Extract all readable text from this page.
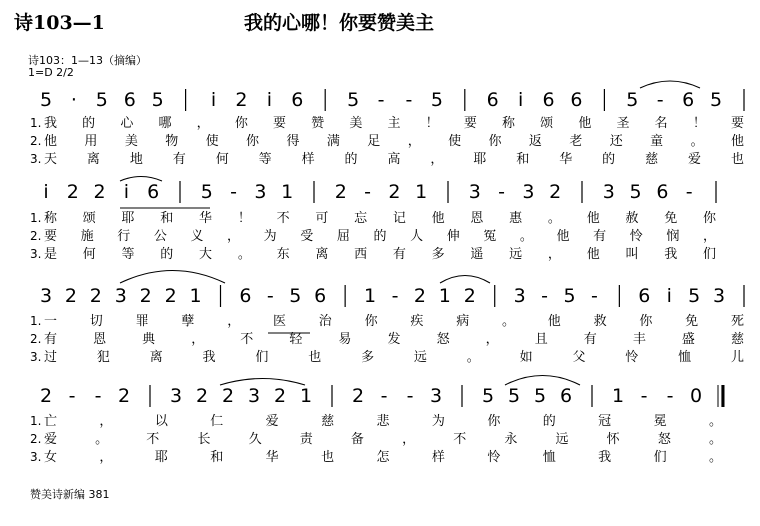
诗103—1	我的心哪！你要赞美主
诗103：1—13（摘编）
1=D 2/2
赞美诗新编 381
5 · 5 6 5 i 2 i 6 5 - - 5 6 i 6 6 5 - 6 5
1. 我的心哪，你要赞美主！要称颂他圣名！要
2. 他用美物使你得满足，使你返老还童。他
3. 天离地有何等样的高，耶和华的慈爱也
i 2 2 i 6 5 - 3 1 2 - 2 1 3 - 3 2 3 5 6 -
1. 称颂耶和华！不可忘记他恩惠。他赦免你
2. 要施行公义，为受屈的人伸冤。他有怜悯，
3. 是何等的大。东离西有多遥远，他叫我们
3 2 2 3 2 2 1 6 - 5 6 1 - 2 1 2 3 - 5 - 6 i 5 3
1. 一切罪孽，医治你疾病。他救你免死
2. 有恩典，不轻易发怒，且有丰盛慈
3. 过犯离我们也多远。如父怜恤儿
2 - - 2 3 2 2 3 2 1 2 - - 3 5 5 5 6 1 - - 0
1. 亡，以仁爱慈悲为你的冠冕。
2. 爱。不长久责备，不永远怀怒。
3. 女，耶和华也怎样怜恤我们。
